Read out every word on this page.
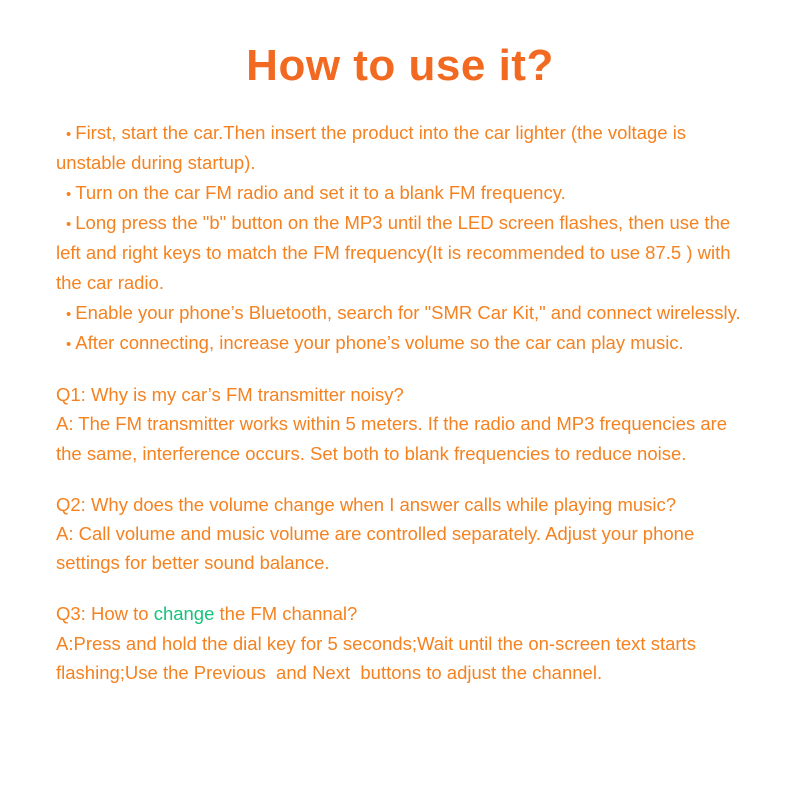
How to use it?
• First, start the car.Then insert the product into the car lighter (the voltage is unstable during startup).
• Turn on the car FM radio and set it to a blank FM frequency.
• Long press the "b" button on the MP3 until the LED screen flashes, then use the left and right keys to match the FM frequency(It is recommended to use 87.5 ) with the car radio.
• Enable your phone’s Bluetooth, search for "SMR Car Kit," and connect wirelessly.
• After connecting, increase your phone’s volume so the car can play music.
Q1: Why is my car’s FM transmitter noisy?
A: The FM transmitter works within 5 meters. If the radio and MP3 frequencies are the same, interference occurs. Set both to blank frequencies to reduce noise.
Q2: Why does the volume change when I answer calls while playing music?
A: Call volume and music volume are controlled separately. Adjust your phone settings for better sound balance.
Q3: How to change the FM channal?
A:Press and hold the dial key for 5 seconds;Wait until the on-screen text starts flashing;Use the Previous  and Next  buttons to adjust the channel.
